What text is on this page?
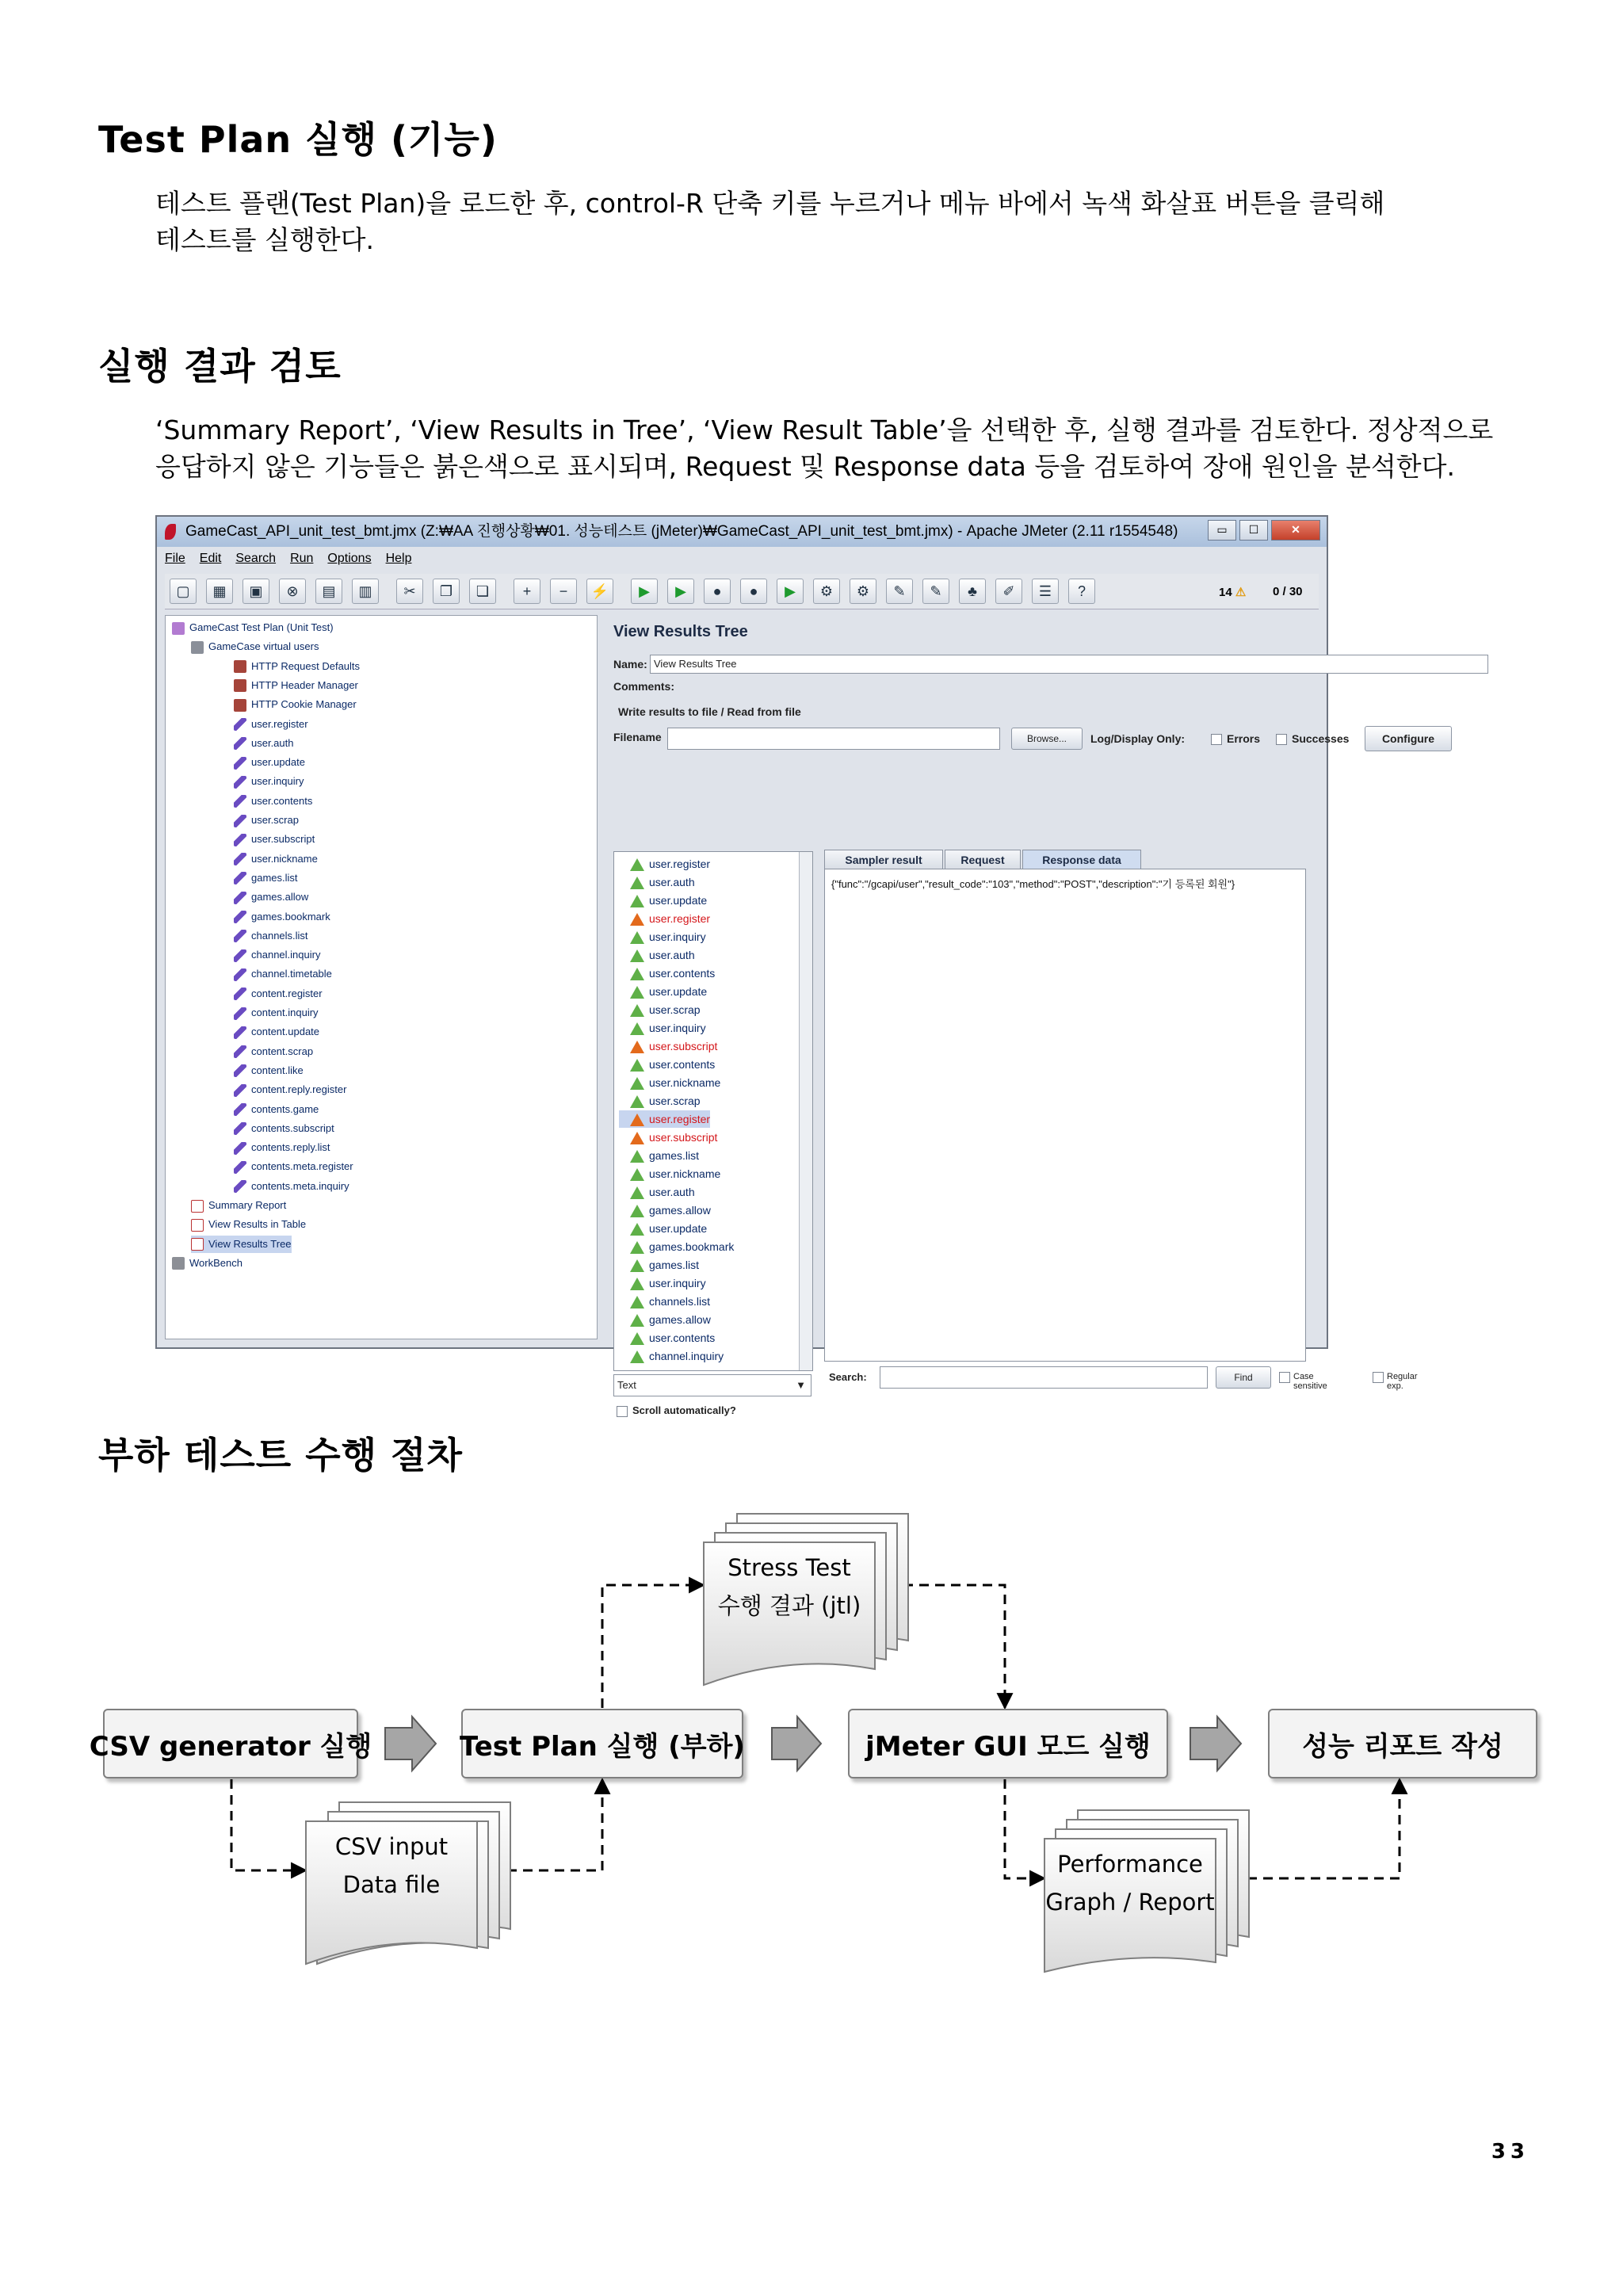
Test Plan 실행 (기능)

테스트 플랜(Test Plan)을 로드한 후, control-R 단축 키를 누르거나 메뉴 바에서 녹색 화살표 버튼을 클릭해
테스트를 실행한다.

실행 결과 검토

‘Summary Report’, ‘View Results in Tree’, ‘View Result Table’을 선택한 후, 실행 결과를 검토한다. 정상적으로
응답하지 않은 기능들은 붉은색으로 표시되며, Request 및 Response data 등을 검토하여 장애 원인을 분석한다.

GameCast_API_unit_test_bmt.jmx (Z:₩AA 진행상황₩01. 성능테스트 (jMeter)₩GameCast_API_unit_test_bmt.jmx) - Apache JMeter (2.11 r1554548)	▭	☐	✕
File Edit Search Run Options Help
14 ⚠ 0 / 30
▢	▦	▣	⊗	▤	▥	✂	❐	❏	+	−	⚡	▶	▶	●	●	▶	⚙	⚙	✎	✎	♣	✐	☰	?
GameCast Test Plan (Unit Test)
GameCase virtual users
HTTP Request Defaults
HTTP Header Manager
HTTP Cookie Manager
user.register
user.auth
user.update
user.inquiry
user.contents
user.scrap
user.subscript
user.nickname
games.list
games.allow
games.bookmark
channels.list
channel.inquiry
channel.timetable
content.register
content.inquiry
content.update
content.scrap
content.like
content.reply.register
contents.game
contents.subscript
contents.reply.list
contents.meta.register
contents.meta.inquiry
Summary Report
View Results in Table
View Results Tree
WorkBench
View Results Tree
Name: View Results Tree
Comments:
Write results to file / Read from file
Filename	Browse...	Log/Display Only:	Errors	Successes	Configure
user.register
user.auth
user.update
user.register
user.inquiry
user.auth
user.contents
user.update
user.scrap
user.inquiry
user.subscript
user.contents
user.nickname
user.scrap
user.register
user.subscript
games.list
user.nickname
user.auth
games.allow
user.update
games.bookmark
games.list
user.inquiry
channels.list
games.allow
user.contents
channel.inquiry
Text	▼
Scroll automatically?
Sampler result	Request	Response data
{"func":"/gcapi/user","result_code":"103","method":"POST","description":"기 등록된 회원"}
Search:	Find	Case sensitive
Regular exp.
부하 테스트 수행 절차
CSV generator 실행	Test Plan 실행 (부하)	jMeter GUI 모드 실행	성능 리포트 작성
Stress Test
수행 결과 (jtl)
CSV input
Data file
Performance
Graph / Report
33
